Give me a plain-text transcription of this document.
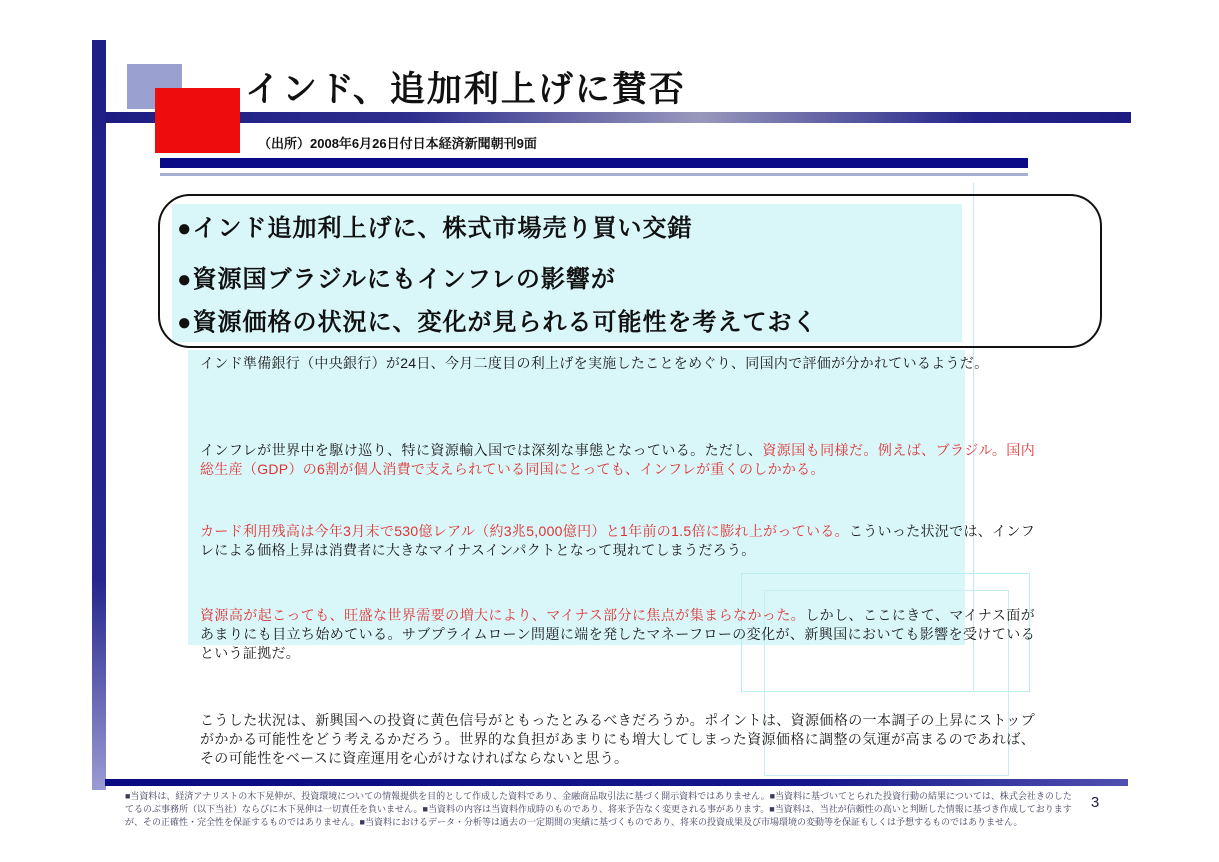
インド、追加利上げに賛否
（出所）2008年6月26日付日本経済新聞朝刊9面
●インド追加利上げに、株式市場売り買い交錯
●資源国ブラジルにもインフレの影響が
●資源価格の状況に、変化が見られる可能性を考えておく
インド準備銀行（中央銀行）が24日、今月二度目の利上げを実施したことをめぐり、同国内で評価が分かれているようだ。
インフレが世界中を駆け巡り、特に資源輸入国では深刻な事態となっている。ただし、資源国も同様だ。例えば、ブラジル。国内総生産（GDP）の6割が個人消費で支えられている同国にとっても、インフレが重くのしかかる。
カード利用残高は今年3月末で530億レアル（約3兆5,000億円）と1年前の1.5倍に膨れ上がっている。こういった状況では、インフレによる価格上昇は消費者に大きなマイナスインパクトとなって現れてしまうだろう。
資源高が起こっても、旺盛な世界需要の増大により、マイナス部分に焦点が集まらなかった。しかし、ここにきて、マイナス面があまりにも目立ち始めている。サブプライムローン問題に端を発したマネーフローの変化が、新興国においても影響を受けているという証拠だ。
こうした状況は、新興国への投資に黄色信号がともったとみるべきだろうか。ポイントは、資源価格の一本調子の上昇にストップがかかる可能性をどう考えるかだろう。世界的な負担があまりにも増大してしまった資源価格に調整の気運が高まるのであれば、その可能性をベースに資産運用を心がけなければならないと思う。
■当資料は、経済アナリストの木下晃伸が、投資環境についての情報提供を目的として作成した資料であり、金融商品取引法に基づく開示資料ではありません。■当資料に基づいてとられた投資行動の結果については、株式会社きのした
てるのぶ事務所（以下当社）ならびに木下晃伸は一切責任を負いません。■当資料の内容は当資料作成時のものであり、将来予告なく変更される事があります。■当資料は、当社が信頼性の高いと判断した情報に基づき作成しております
が、その正確性・完全性を保証するものではありません。■当資料におけるデータ・分析等は過去の一定期間の実績に基づくものであり、将来の投資成果及び市場環境の変動等を保証もしくは予想するものではありません。
3
